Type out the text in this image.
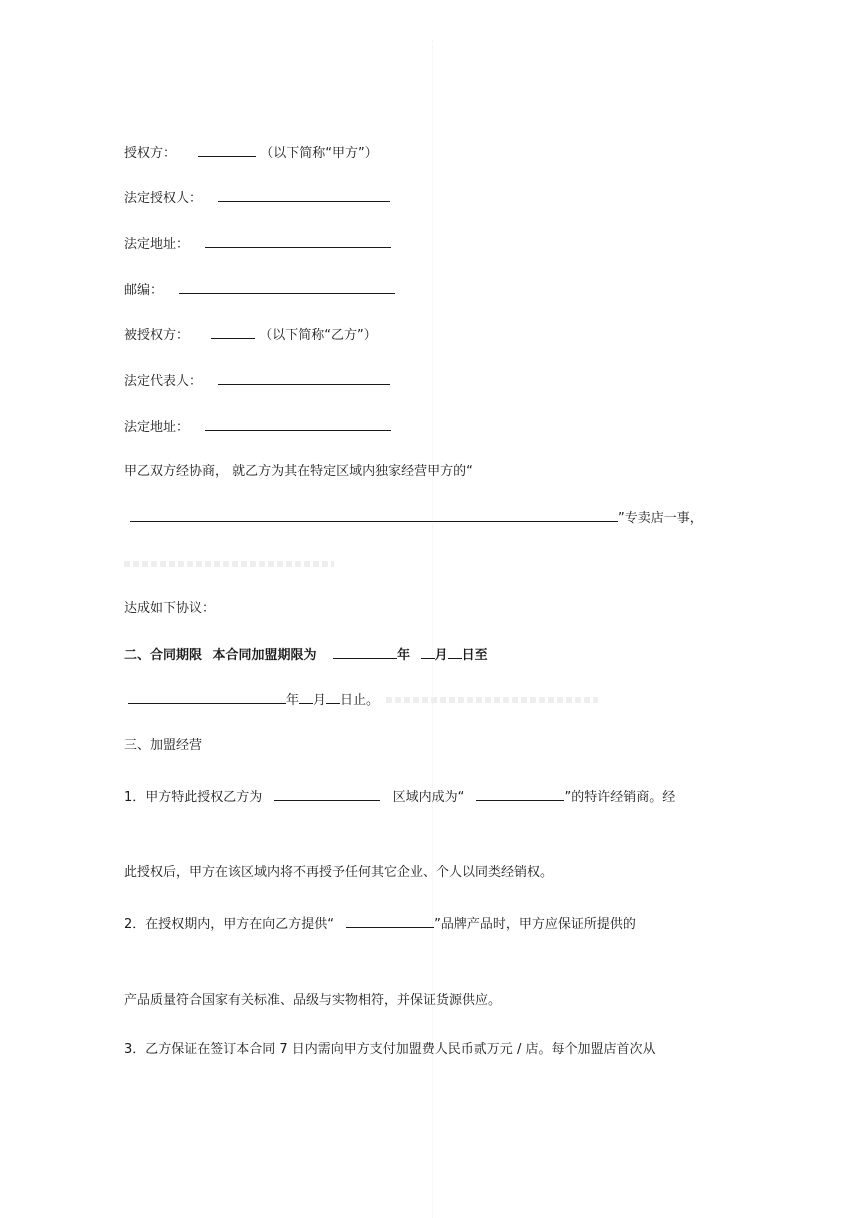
授权方：	（以下简称“甲方”）
法定授权人：
法定地址：
邮编：
被授权方：	（以下简称“乙方”）
法定代表人：
法定地址：
甲乙双方经协商， 就乙方为其在特定区域内独家经营甲方的“
”专卖店一事，
达成如下协议：
二、合同期限 本合同加盟期限为	年 月 日至
年 月 日止。
三、加盟经营
1．甲方特此授权乙方为	区域内成为“	”的特许经销商。经
此授权后，甲方在该区域内将不再授予任何其它企业、个人以同类经销权。
2．在授权期内，甲方在向乙方提供“	”品牌产品时，甲方应保证所提供的
产品质量符合国家有关标准、品级与实物相符，并保证货源供应。
3．乙方保证在签订本合同 7 日内需向甲方支付加盟费人民币贰万元 / 店。每个加盟店首次从
